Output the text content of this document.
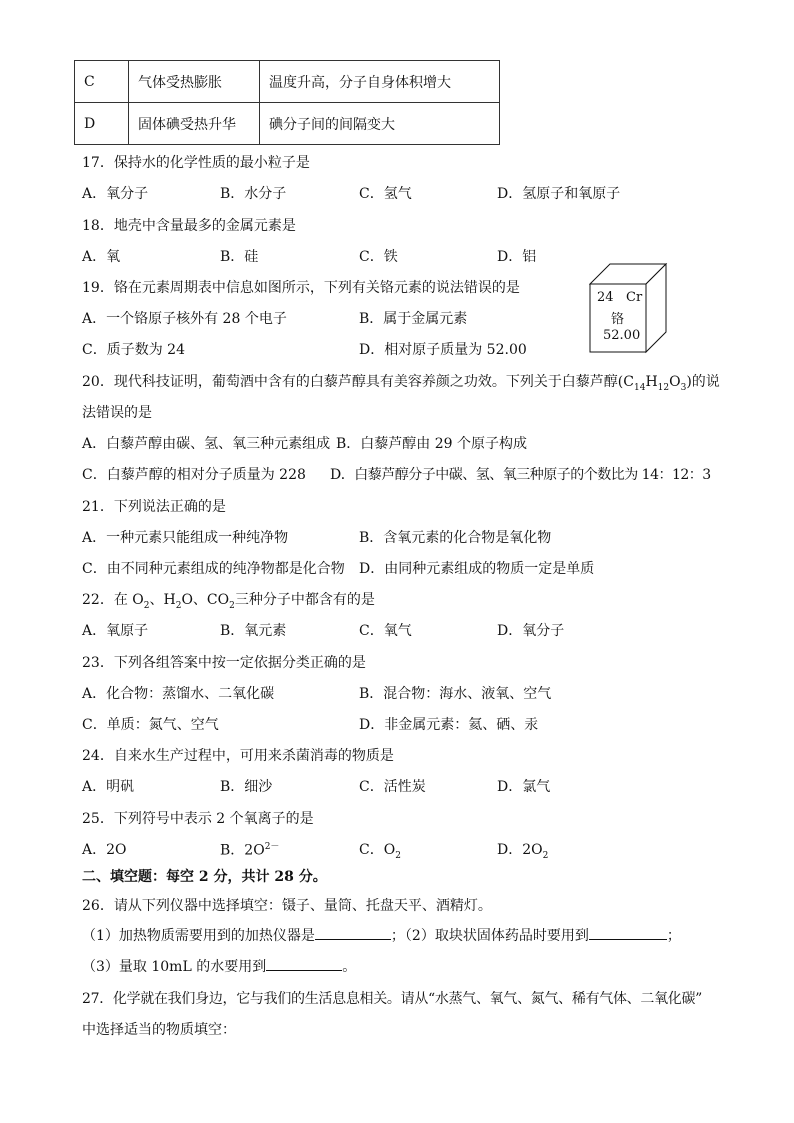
C	气体受热膨胀	温度升高，分子自身体积增大
D	固体碘受热升华	碘分子间的间隔变大
17．保持水的化学性质的最小粒子是
A．氧分子	B．水分子	C．氢气	D．氢原子和氧原子
18．地壳中含量最多的金属元素是
A．氧	B．硅	C．铁	D．铝
19．铬在元素周期表中信息如图所示，下列有关铬元素的说法错误的是
A．一个铬原子核外有 28 个电子	B．属于金属元素
C．质子数为 24	D．相对原子质量为 52.00
24 Cr
铬
52.00
20．现代科技证明，葡萄酒中含有的白藜芦醇具有美容养颜之功效。下列关于白藜芦醇$(C_{14}H_{12}O_3)$的说
法错误的是
A．白藜芦醇由碳、氢、氧三种元素组成 B．白藜芦醇由 29 个原子构成
C．白藜芦醇的相对分子质量为 228 D．白藜芦醇分子中碳、氢、氧三种原子的个数比为 14：12：3
21．下列说法正确的是
A．一种元素只能组成一种纯净物	B．含氧元素的化合物是氧化物
C．由不同种元素组成的纯净物都是化合物 D．由同种元素组成的物质一定是单质
22．在 $O_2$、$H_2O$、$CO_2$三种分子中都含有的是
A．氧原子	B．氧元素	C．氧气	D．氧分子
23．下列各组答案中按一定依据分类正确的是
A．化合物：蒸馏水、二氧化碳	B．混合物：海水、液氧、空气
C．单质：氮气、空气	D．非金属元素：氦、硒、汞
24．自来水生产过程中，可用来杀菌消毒的物质是
A．明矾	B．细沙	C．活性炭	D．氯气
25．下列符号中表示 2 个氧离子的是
A．2O	B．$2O^{2-}$	C．$O_2$	D．$2O_2$
二、填空题：每空 2 分，共计 28 分。
26．请从下列仪器中选择填空：镊子、量筒、托盘天平、酒精灯。
（1）加热物质需要用到的加热仪器是	；（2）取块状固体药品时要用到	；
（3）量取 10mL 的水要用到	。
27．化学就在我们身边，它与我们的生活息息相关。请从“水蒸气、氧气、氮气、稀有气体、二氧化碳”
中选择适当的物质填空：
